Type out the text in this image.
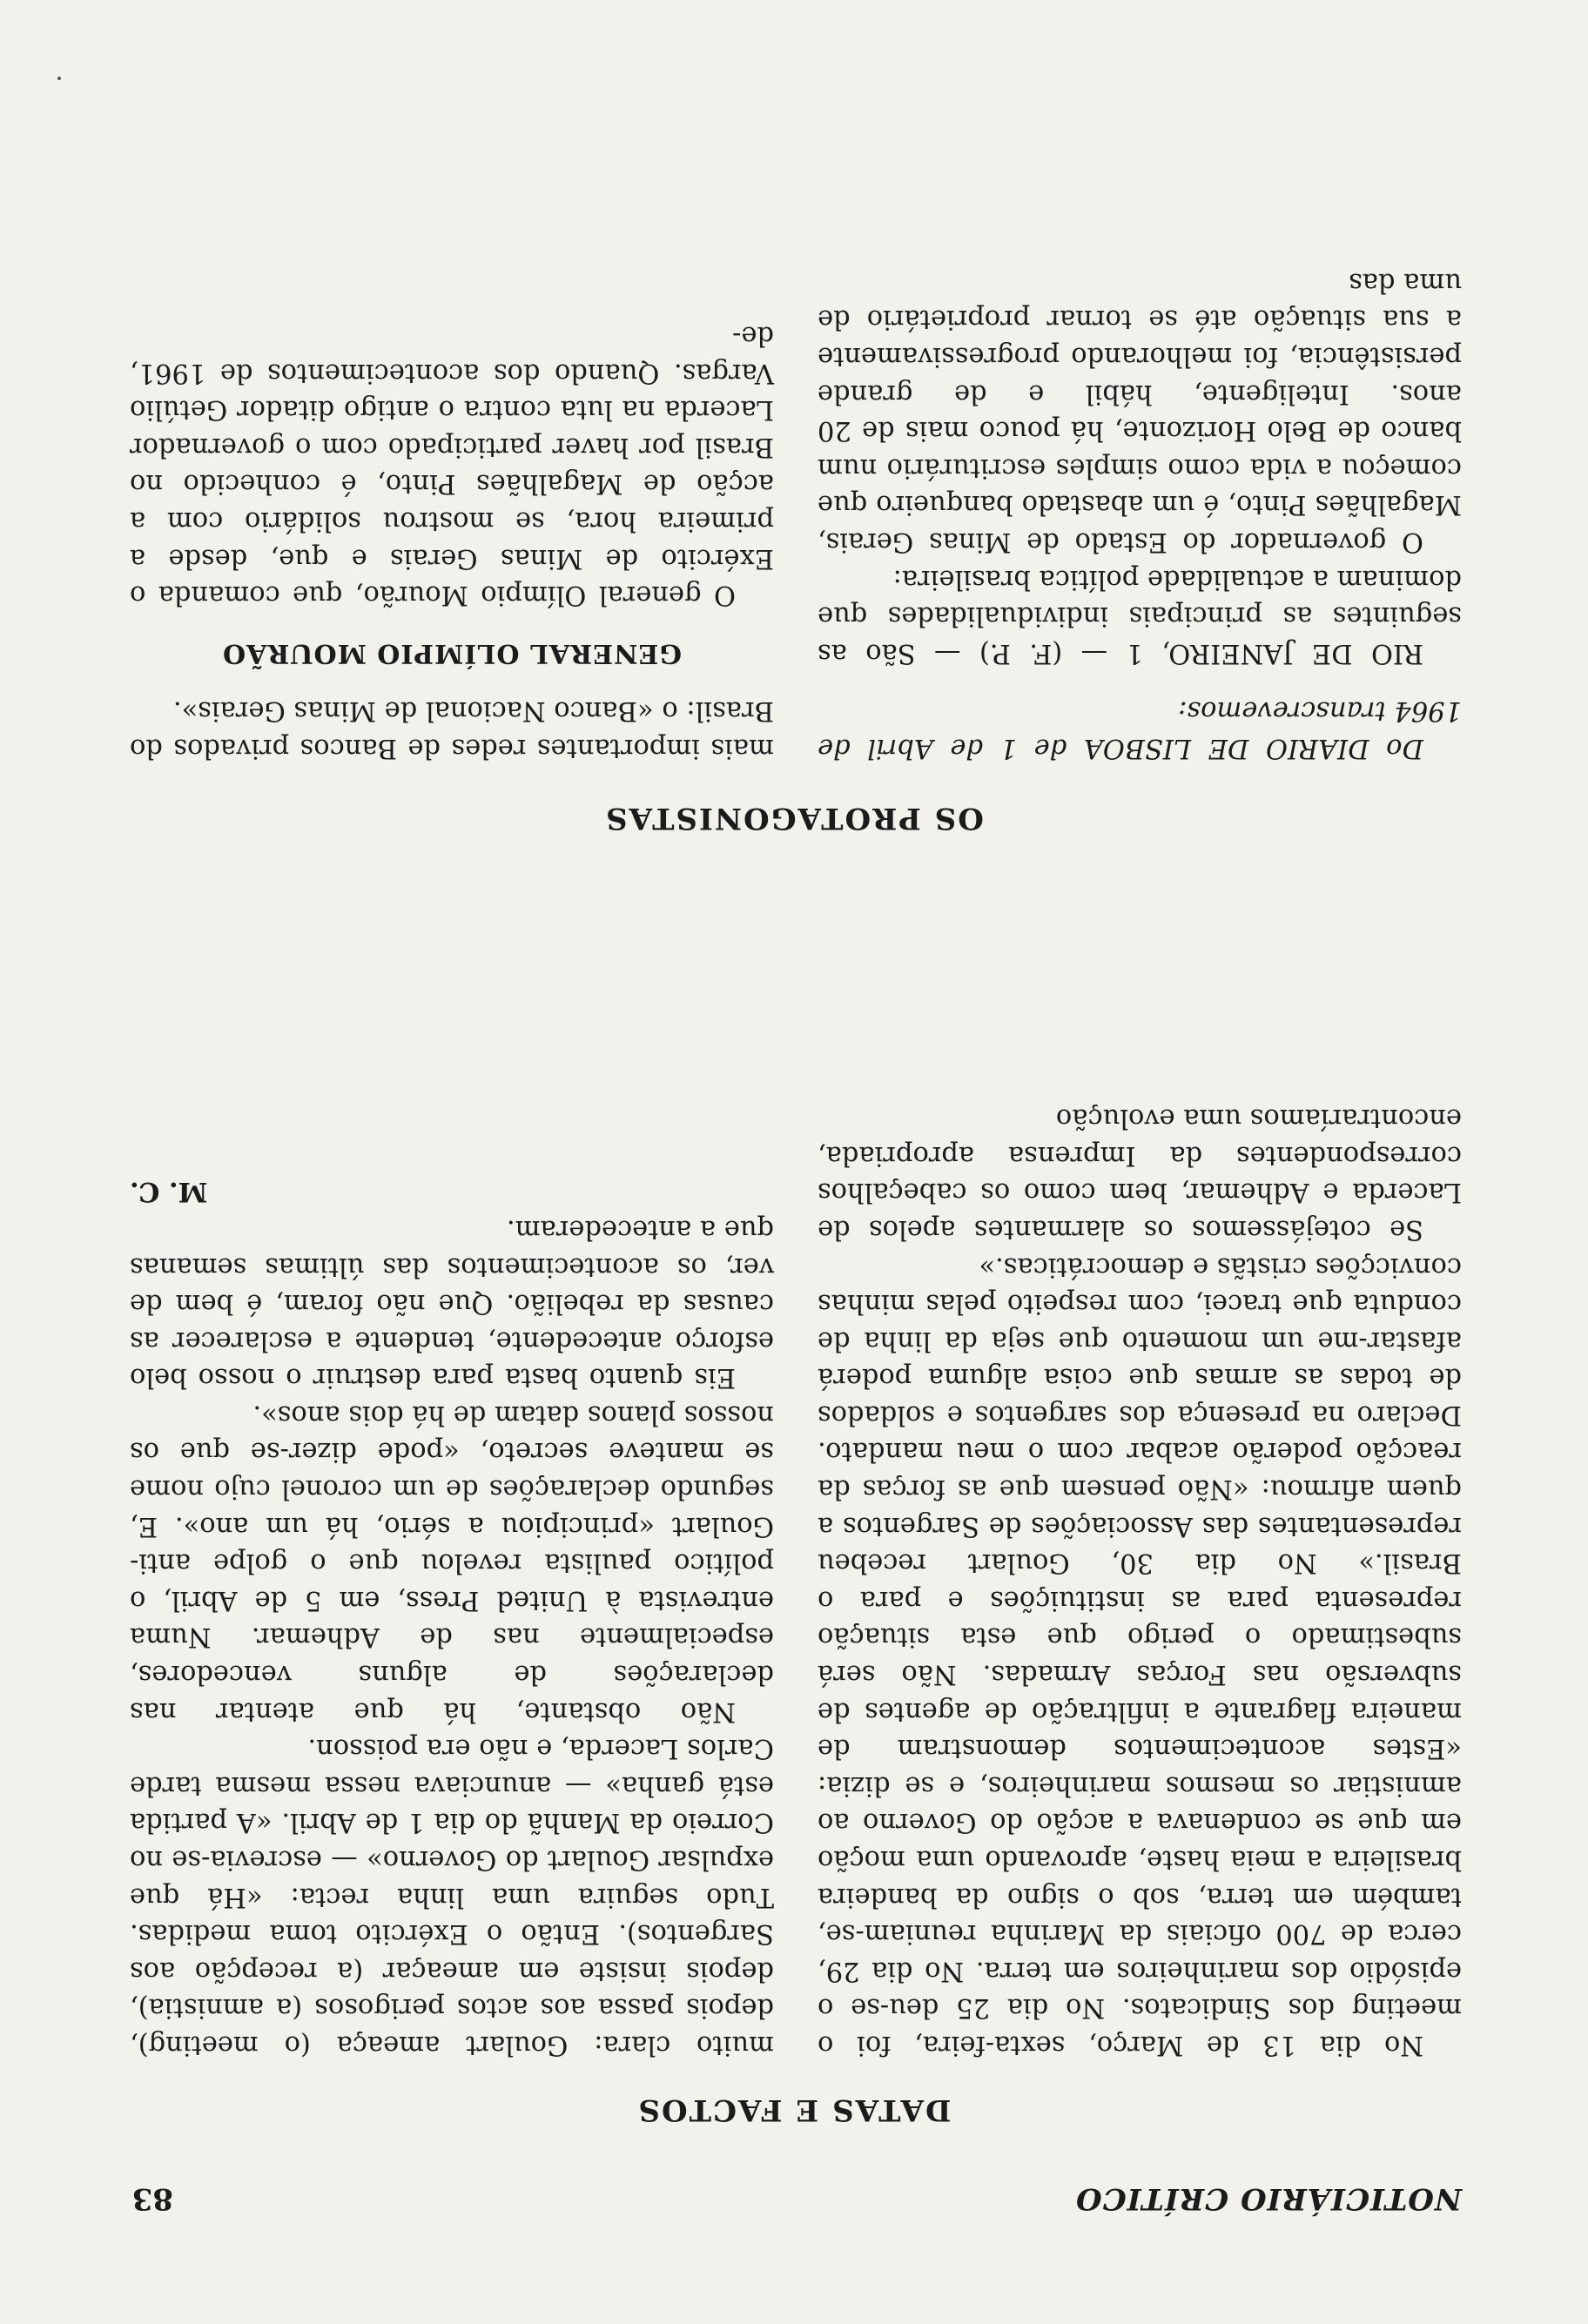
NOTICIÁRIO CRÍTICO
83
DATAS E FACTOS

No dia 13 de Março, sexta-feira, foi o meeting dos Sindicatos. No dia 25 deu-se o episódio dos marinheiros em terra. No dia 29, cerca de 700 oficiais da Marinha reuniam-se, também em terra, sob o signo da bandeira brasileira a meia haste, aprovando uma moção em que se condenava a acção do Governo ao amnistiar os mesmos marinheiros, e se dizia: «Estes acontecimentos demonstram de maneira flagrante a infiltração de agentes de subversão nas Forças Armadas. Não será subestimado o perigo que esta situação representa para as instituições e para o Brasil.» No dia 30, Goulart recebeu representantes das Associações de Sargentos a quem afirmou: «Não pensem que as forças da reacção poderão acabar com o meu mandato. Declaro na presença dos sargentos e soldados de todas as armas que coisa alguma poderá afastar-me um momento que seja da linha de conduta que tracei, com respeito pelas minhas convicções cristãs e democráticas.»

Se cotejássemos os alarmantes apelos de Lacerda e Adhemar, bem como os cabeçalhos correspondentes da Imprensa apropriada, encontraríamos uma evolução

muito clara: Goulart ameaça (o meeting), depois passa aos actos perigosos (a amnistia), depois insiste em ameaçar (a recepção aos Sargentos). Então o Exército toma medidas. Tudo seguira uma linha recta: «Há que expulsar Goulart do Governo» — escrevia-se no Correio da Manhã do dia 1 de Abril. «A partida está ganha» — anunciava nessa mesma tarde Carlos Lacerda, e não era poisson.

Não obstante, há que atentar nas declarações de alguns vencedores, especialmente nas de Adhemar. Numa entrevista à United Press, em 5 de Abril, o político paulista revelou que o golpe anti-Goulart «principiou a sério, há um ano». E, segundo declarações de um coronel cujo nome se manteve secreto, «pode dizer-se que os nossos planos datam de há dois anos».

Eis quanto basta para destruir o nosso belo esforço antecedente, tendente a esclarecer as causas da rebelião. Que não foram, é bem de ver, os acontecimentos das últimas semanas que a antecederam.

M. C.

OS PROTAGONISTAS

Do DIARIO DE LISBOA de 1 de Abril de 1964 transcrevemos:

RIO DE JANEIRO, 1 — (F. P.) — São as seguintes as principais individualidades que dominam a actualidade política brasileira:

O governador do Estado de Minas Gerais, Magalhães Pinto, é um abastado banqueiro que começou a vida como simples escriturário num banco de Belo Horizonte, há pouco mais de 20 anos. Inteligente, hábil e de grande persistência, foi melhorando progressivamente a sua situação até se tornar proprietário de uma das

mais importantes redes de Bancos privados do Brasil: o «Banco Nacional de Minas Gerais».

GENERAL OLÍMPIO MOURÃO

O general Olímpio Mourão, que comanda o Exército de Minas Gerais e que, desde a primeira hora, se mostrou solidário com a acção de Magalhães Pinto, é conhecido no Brasil por haver participado com o governador Lacerda na luta contra o antigo ditador Getúlio Vargas. Quando dos acontecimentos de 1961, de-
